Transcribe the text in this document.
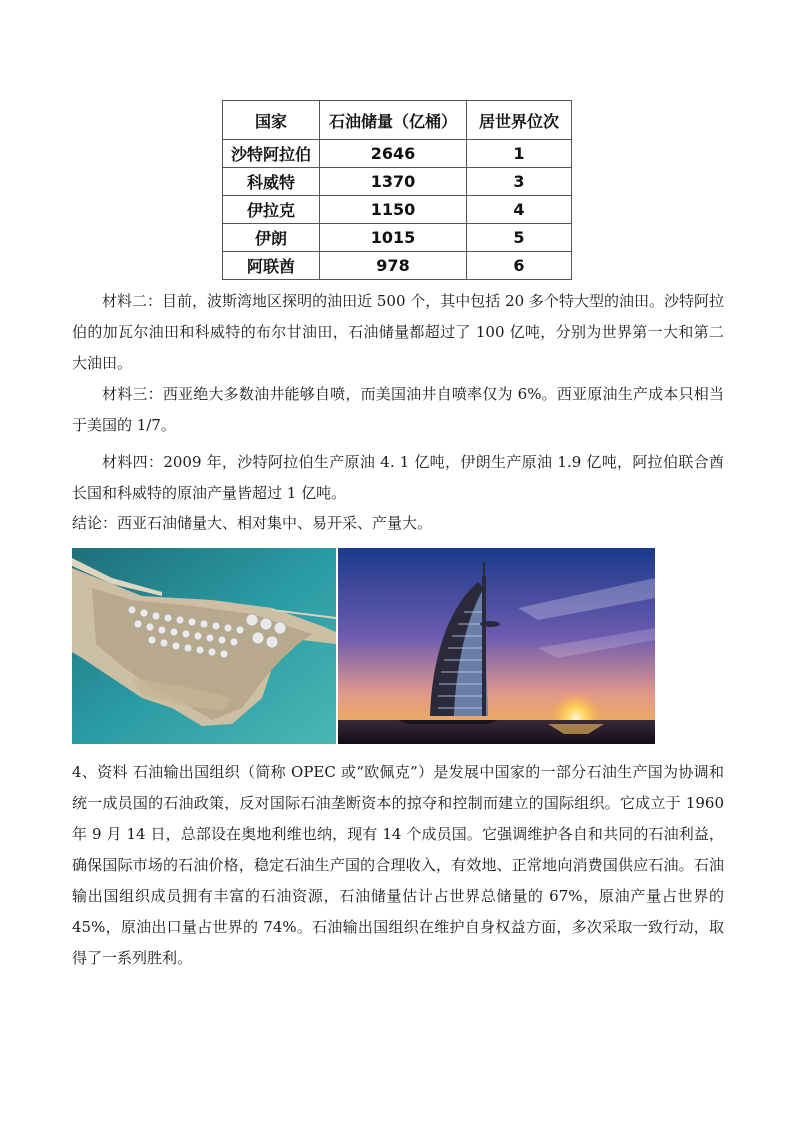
国家	石油储量（亿桶）	居世界位次
沙特阿拉伯	2646	1
科威特	1370	3
伊拉克	1150	4
伊朗	1015	5
阿联酋	978	6

材料二：目前，波斯湾地区探明的油田近 500 个，其中包括 20 多个特大型的油田。沙特阿拉伯的加瓦尔油田和科威特的布尔甘油田，石油储量都超过了 100 亿吨，分别为世界第一大和第二大油田。

材料三：西亚绝大多数油井能够自喷，而美国油井自喷率仅为 6%。西亚原油生产成本只相当于美国的 1/7。

材料四：2009 年，沙特阿拉伯生产原油 4. 1 亿吨，伊朗生产原油 1.9 亿吨，阿拉伯联合酋长国和科威特的原油产量皆超过 1 亿吨。

结论：西亚石油储量大、相对集中、易开采、产量大。

4、资料 石油输出国组织（简称 OPEC 或“欧佩克”）是发展中国家的一部分石油生产国为协调和统一成员国的石油政策，反对国际石油垄断资本的掠夺和控制而建立的国际组织。它成立于 1960 年 9 月 14 日，总部设在奥地利维也纳，现有 14 个成员国。它强调维护各自和共同的石油利益，确保国际市场的石油价格，稳定石油生产国的合理收入，有效地、正常地向消费国供应石油。石油输出国组织成员拥有丰富的石油资源，石油储量估计占世界总储量的 67%，原油产量占世界的 45%，原油出口量占世界的 74%。石油输出国组织在维护自身权益方面，多次采取一致行动，取得了一系列胜利。
